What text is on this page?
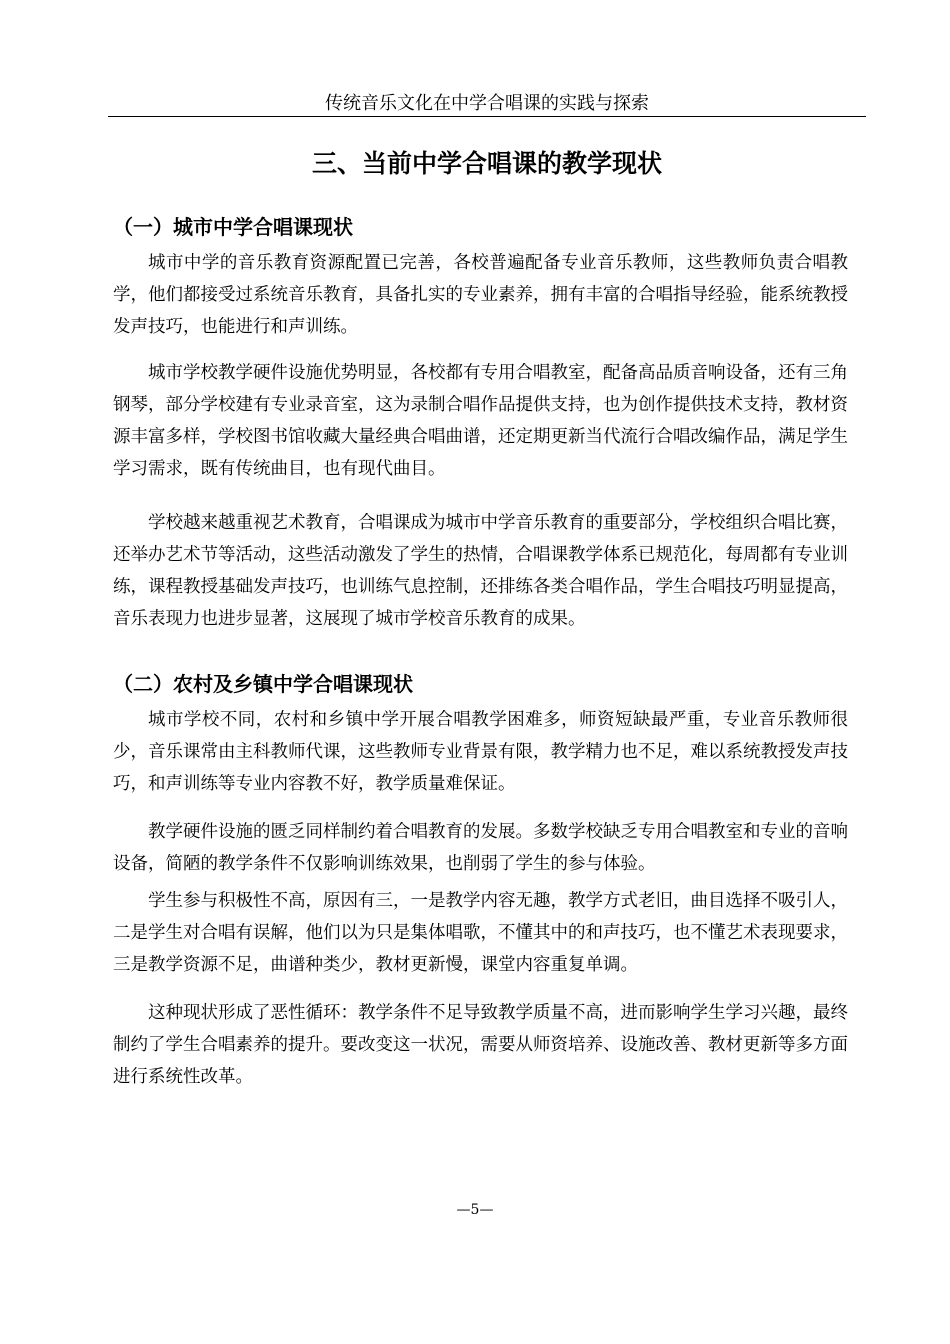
传统音乐文化在中学合唱课的实践与探索
三、当前中学合唱课的教学现状
（一）城市中学合唱课现状

城市中学的音乐教育资源配置已完善，各校普遍配备专业音乐教师，这些教师负责合唱教学，他们都接受过系统音乐教育，具备扎实的专业素养，拥有丰富的合唱指导经验，能系统教授发声技巧，也能进行和声训练。

城市学校教学硬件设施优势明显，各校都有专用合唱教室，配备高品质音响设备，还有三角钢琴，部分学校建有专业录音室，这为录制合唱作品提供支持，也为创作提供技术支持，教材资源丰富多样，学校图书馆收藏大量经典合唱曲谱，还定期更新当代流行合唱改编作品，满足学生学习需求，既有传统曲目，也有现代曲目。

学校越来越重视艺术教育，合唱课成为城市中学音乐教育的重要部分，学校组织合唱比赛，还举办艺术节等活动，这些活动激发了学生的热情，合唱课教学体系已规范化，每周都有专业训练，课程教授基础发声技巧，也训练气息控制，还排练各类合唱作品，学生合唱技巧明显提高，音乐表现力也进步显著，这展现了城市学校音乐教育的成果。

（二）农村及乡镇中学合唱课现状

城市学校不同，农村和乡镇中学开展合唱教学困难多，师资短缺最严重，专业音乐教师很少，音乐课常由主科教师代课，这些教师专业背景有限，教学精力也不足，难以系统教授发声技巧，和声训练等专业内容教不好，教学质量难保证。

教学硬件设施的匮乏同样制约着合唱教育的发展。多数学校缺乏专用合唱教室和专业的音响设备，简陋的教学条件不仅影响训练效果，也削弱了学生的参与体验。

学生参与积极性不高，原因有三，一是教学内容无趣，教学方式老旧，曲目选择不吸引人，二是学生对合唱有误解，他们以为只是集体唱歌，不懂其中的和声技巧，也不懂艺术表现要求，三是教学资源不足，曲谱种类少，教材更新慢，课堂内容重复单调。

这种现状形成了恶性循环：教学条件不足导致教学质量不高，进而影响学生学习兴趣，最终制约了学生合唱素养的提升。要改变这一状况，需要从师资培养、设施改善、教材更新等多方面进行系统性改革。

—5—
